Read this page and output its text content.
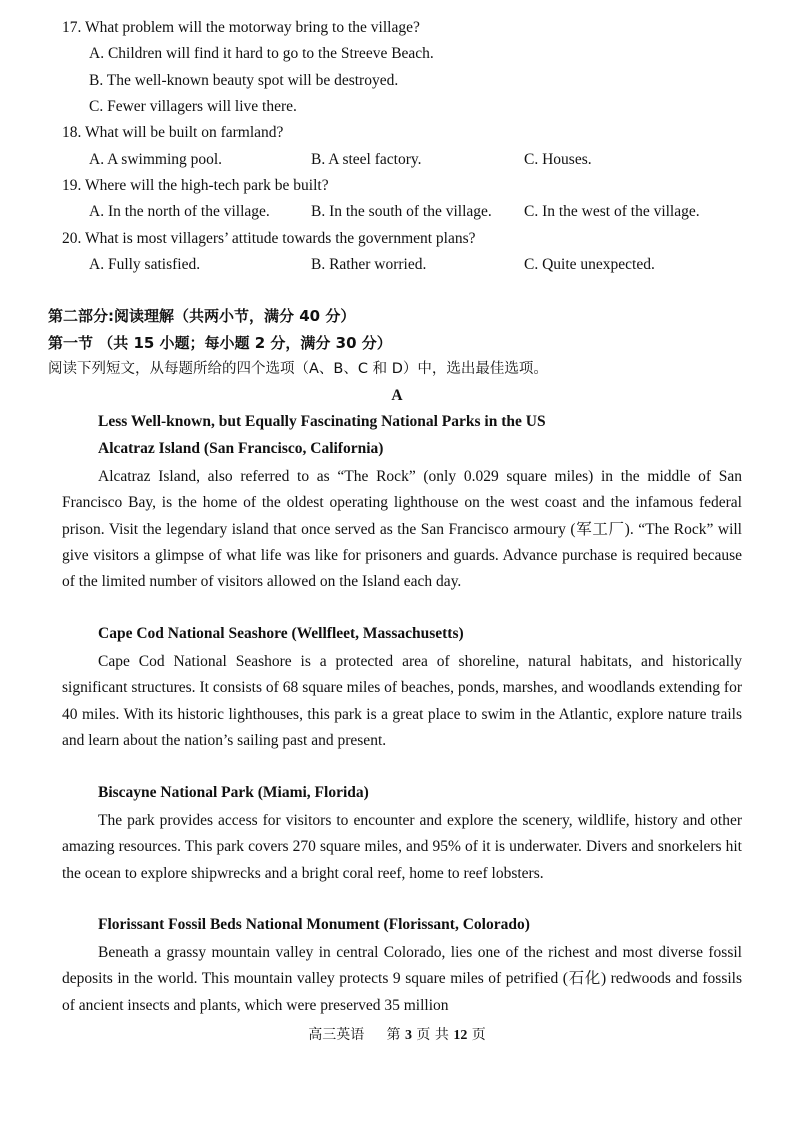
17. What problem will the motorway bring to the village?
A. Children will find it hard to go to the Streeve Beach.
B. The well-known beauty spot will be destroyed.
C. Fewer villagers will live there.
18. What will be built on farmland?
A. A swimming pool.	B. A steel factory.	C. Houses.
19. Where will the high-tech park be built?
A. In the north of the village.	B. In the south of the village. C. In the west of the village.
20. What is most villagers’ attitude towards the government plans?
A. Fully satisfied.	B. Rather worried.	C. Quite unexpected.
第二部分:阅读理解（共两小节，满分 40 分）
第一节 （共 15 小题；每小题 2 分，满分 30 分）
阅读下列短文，从每题所给的四个选项（A、B、C 和 D）中，选出最佳选项。
A
Less Well-known, but Equally Fascinating National Parks in the US
Alcatraz Island (San Francisco, California)
Alcatraz Island, also referred to as “The Rock” (only 0.029 square miles) in the middle of San Francisco Bay, is the home of the oldest operating lighthouse on the west coast and the infamous federal prison. Visit the legendary island that once served as the San Francisco armoury (军工厂). “The Rock” will give visitors a glimpse of what life was like for prisoners and guards. Advance purchase is required because of the limited number of visitors allowed on the Island each day.
Cape Cod National Seashore (Wellfleet, Massachusetts)
Cape Cod National Seashore is a protected area of shoreline, natural habitats, and historically significant structures. It consists of 68 square miles of beaches, ponds, marshes, and woodlands extending for 40 miles. With its historic lighthouses, this park is a great place to swim in the Atlantic, explore nature trails and learn about the nation’s sailing past and present.
Biscayne National Park (Miami, Florida)
The park provides access for visitors to encounter and explore the scenery, wildlife, history and other amazing resources. This park covers 270 square miles, and 95% of it is underwater. Divers and snorkelers hit the ocean to explore shipwrecks and a bright coral reef, home to reef lobsters.
Florissant Fossil Beds National Monument (Florissant, Colorado)
Beneath a grassy mountain valley in central Colorado, lies one of the richest and most diverse fossil deposits in the world. This mountain valley protects 9 square miles of petrified (石化) redwoods and fossils of ancient insects and plants, which were preserved 35 million
高三英语 第 3 页 共 12 页
